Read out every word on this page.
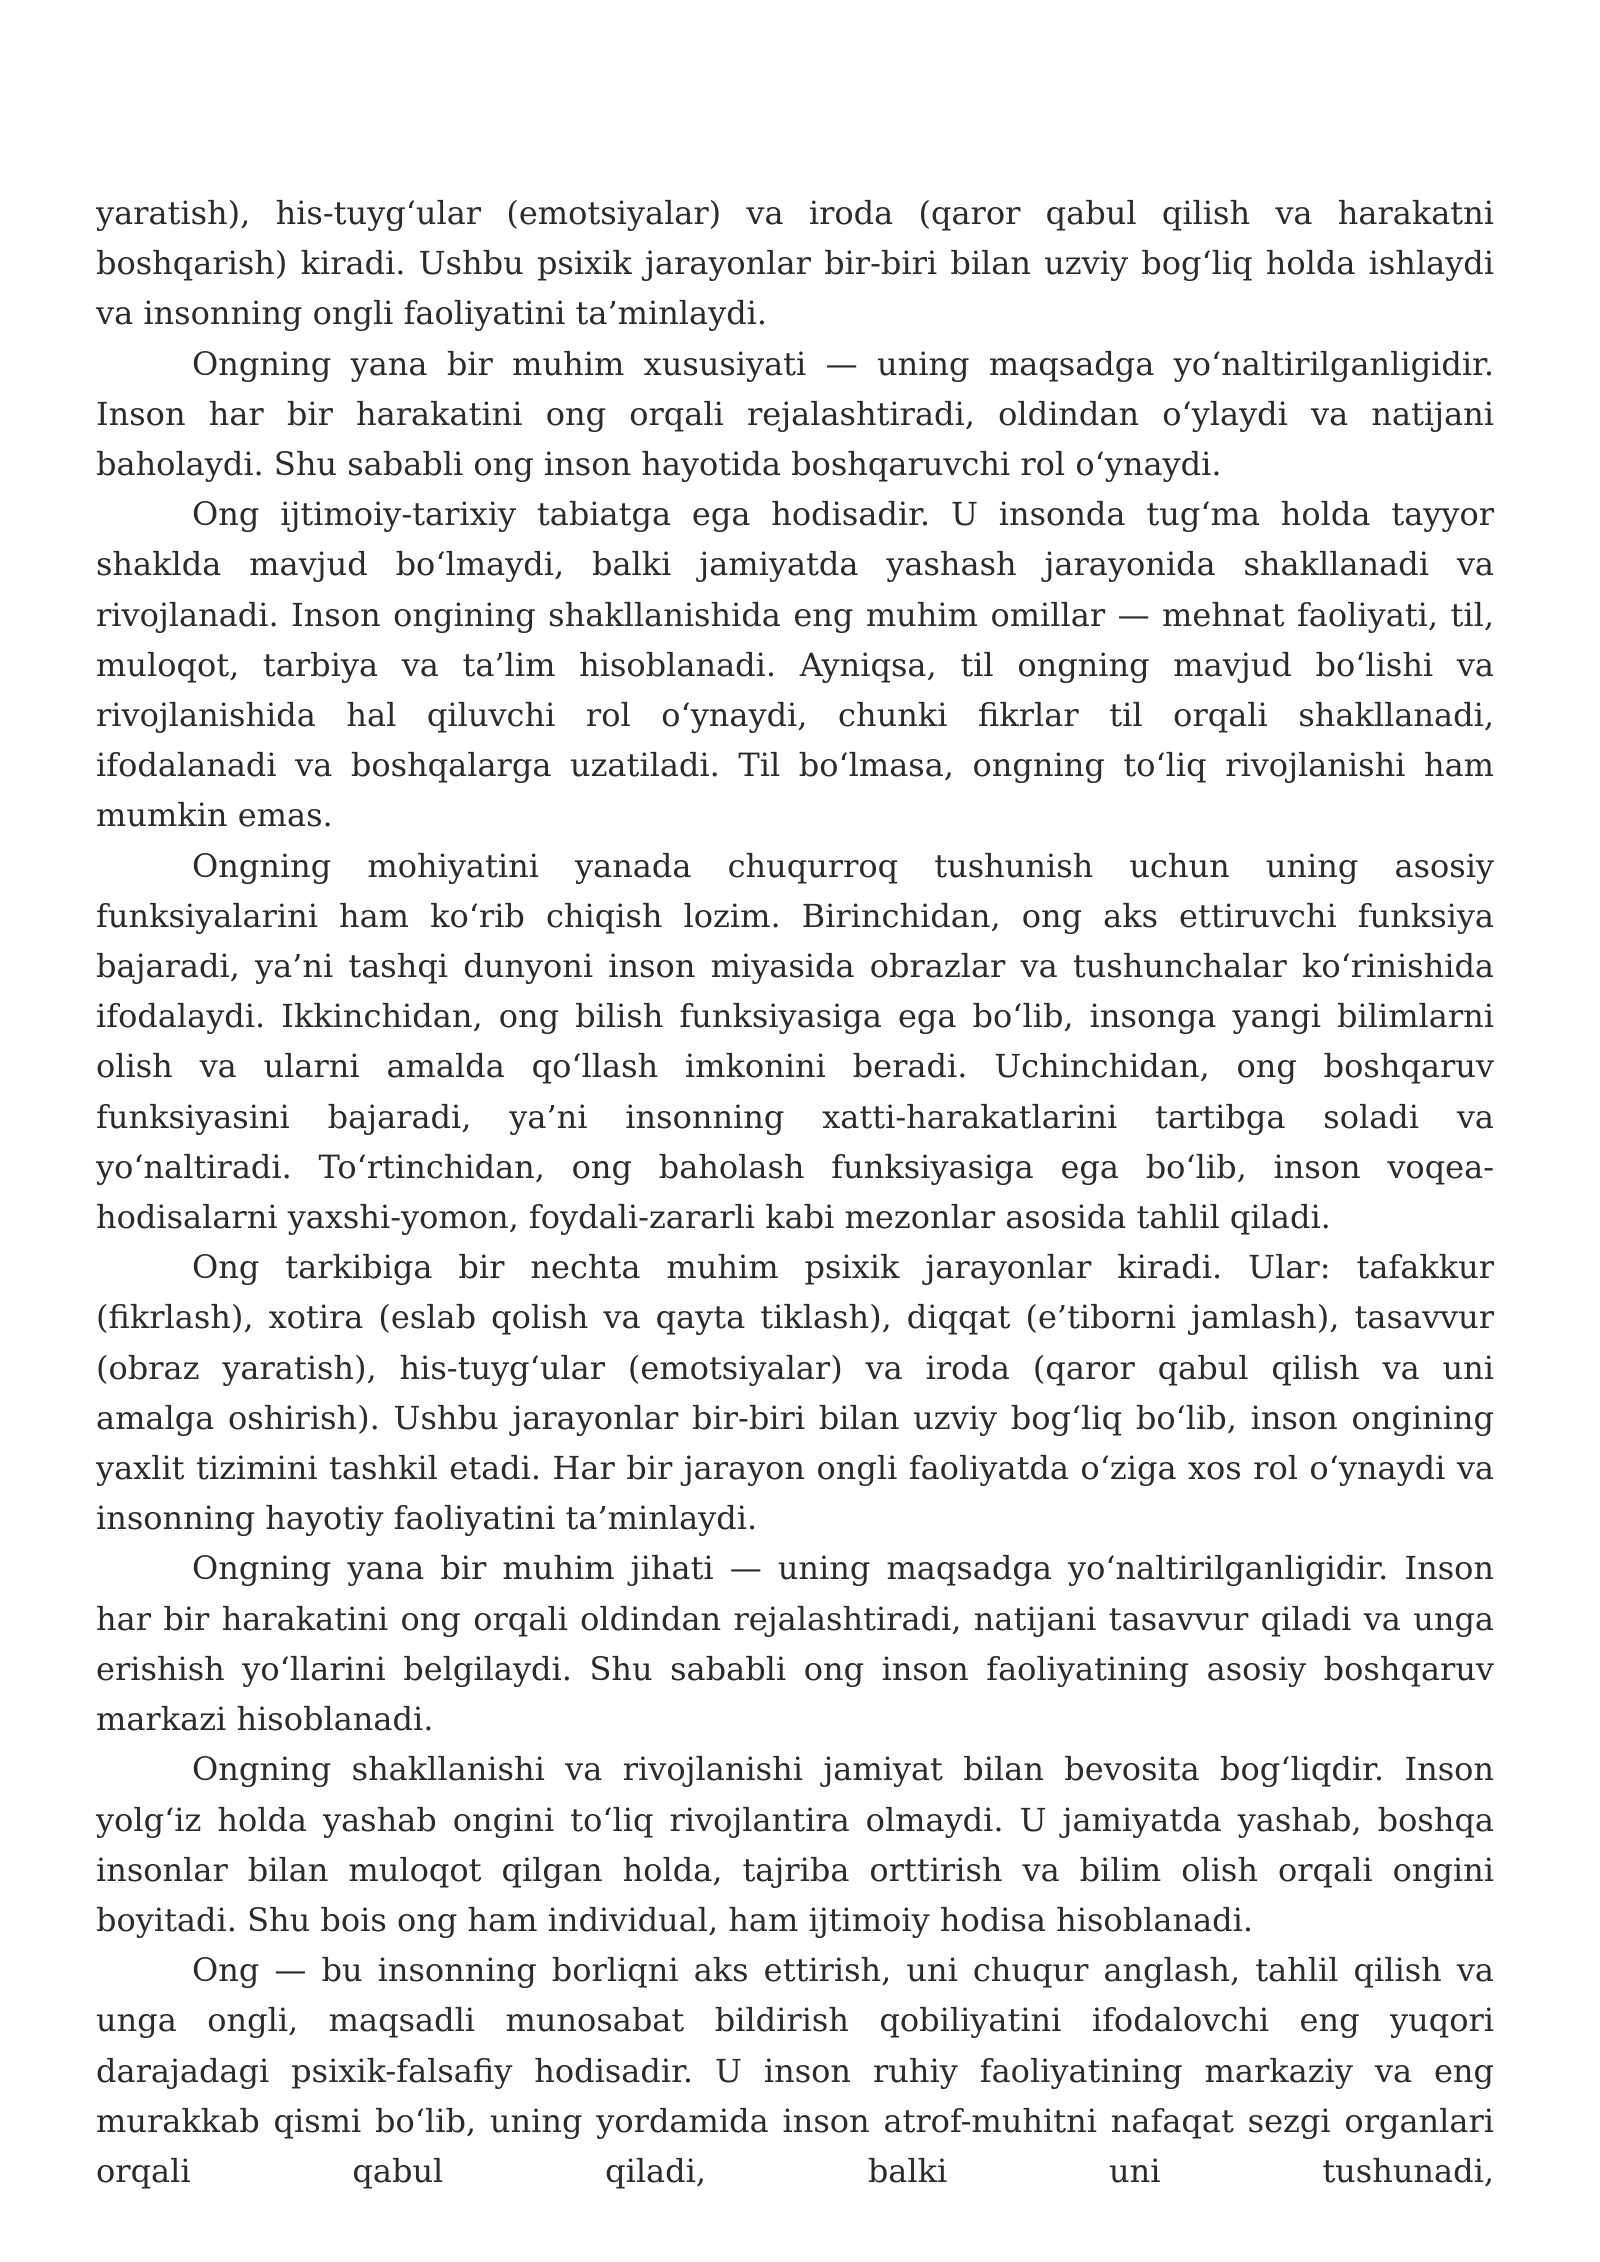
yaratish), his-tuyg‘ular (emotsiyalar) va iroda (qaror qabul qilish va harakatni boshqarish) kiradi. Ushbu psixik jarayonlar bir-biri bilan uzviy bog‘liq holda ishlaydi va insonning ongli faoliyatini ta’minlaydi.

Ongning yana bir muhim xususiyati — uning maqsadga yo‘naltirilganligidir. Inson har bir harakatini ong orqali rejalashtiradi, oldindan o‘ylaydi va natijani baholaydi. Shu sababli ong inson hayotida boshqaruvchi rol o‘ynaydi.

Ong ijtimoiy-tarixiy tabiatga ega hodisadir. U insonda tug‘ma holda tayyor shaklda mavjud bo‘lmaydi, balki jamiyatda yashash jarayonida shakllanadi va rivojlanadi. Inson ongining shakllanishida eng muhim omillar — mehnat faoliyati, til, muloqot, tarbiya va ta’lim hisoblanadi. Ayniqsa, til ongning mavjud bo‘lishi va rivojlanishida hal qiluvchi rol o‘ynaydi, chunki fikrlar til orqali shakllanadi, ifodalanadi va boshqalarga uzatiladi. Til bo‘lmasa, ongning to‘liq rivojlanishi ham mumkin emas.

Ongning mohiyatini yanada chuqurroq tushunish uchun uning asosiy funksiyalarini ham ko‘rib chiqish lozim. Birinchidan, ong aks ettiruvchi funksiya bajaradi, ya’ni tashqi dunyoni inson miyasida obrazlar va tushunchalar ko‘rinishida ifodalaydi. Ikkinchidan, ong bilish funksiyasiga ega bo‘lib, insonga yangi bilimlarni olish va ularni amalda qo‘llash imkonini beradi. Uchinchidan, ong boshqaruv funksiyasini bajaradi, ya’ni insonning xatti-harakatlarini tartibga soladi va yo‘naltiradi. To‘rtinchidan, ong baholash funksiyasiga ega bo‘lib, inson voqea-hodisalarni yaxshi-yomon, foydali-zararli kabi mezonlar asosida tahlil qiladi.

Ong tarkibiga bir nechta muhim psixik jarayonlar kiradi. Ular: tafakkur (fikrlash), xotira (eslab qolish va qayta tiklash), diqqat (e’tiborni jamlash), tasavvur (obraz yaratish), his-tuyg‘ular (emotsiyalar) va iroda (qaror qabul qilish va uni amalga oshirish). Ushbu jarayonlar bir-biri bilan uzviy bog‘liq bo‘lib, inson ongining yaxlit tizimini tashkil etadi. Har bir jarayon ongli faoliyatda o‘ziga xos rol o‘ynaydi va insonning hayotiy faoliyatini ta’minlaydi.

Ongning yana bir muhim jihati — uning maqsadga yo‘naltirilganligidir. Inson har bir harakatini ong orqali oldindan rejalashtiradi, natijani tasavvur qiladi va unga erishish yo‘llarini belgilaydi. Shu sababli ong inson faoliyatining asosiy boshqaruv markazi hisoblanadi.

Ongning shakllanishi va rivojlanishi jamiyat bilan bevosita bog‘liqdir. Inson yolg‘iz holda yashab ongini to‘liq rivojlantira olmaydi. U jamiyatda yashab, boshqa insonlar bilan muloqot qilgan holda, tajriba orttirish va bilim olish orqali ongini boyitadi. Shu bois ong ham individual, ham ijtimoiy hodisa hisoblanadi.

Ong — bu insonning borliqni aks ettirish, uni chuqur anglash, tahlil qilish va unga ongli, maqsadli munosabat bildirish qobiliyatini ifodalovchi eng yuqori darajadagi psixik-falsafiy hodisadir. U inson ruhiy faoliyatining markaziy va eng murakkab qismi bo‘lib, uning yordamida inson atrof-muhitni nafaqat sezgi organlari orqali qabul qiladi, balki uni tushunadi,
